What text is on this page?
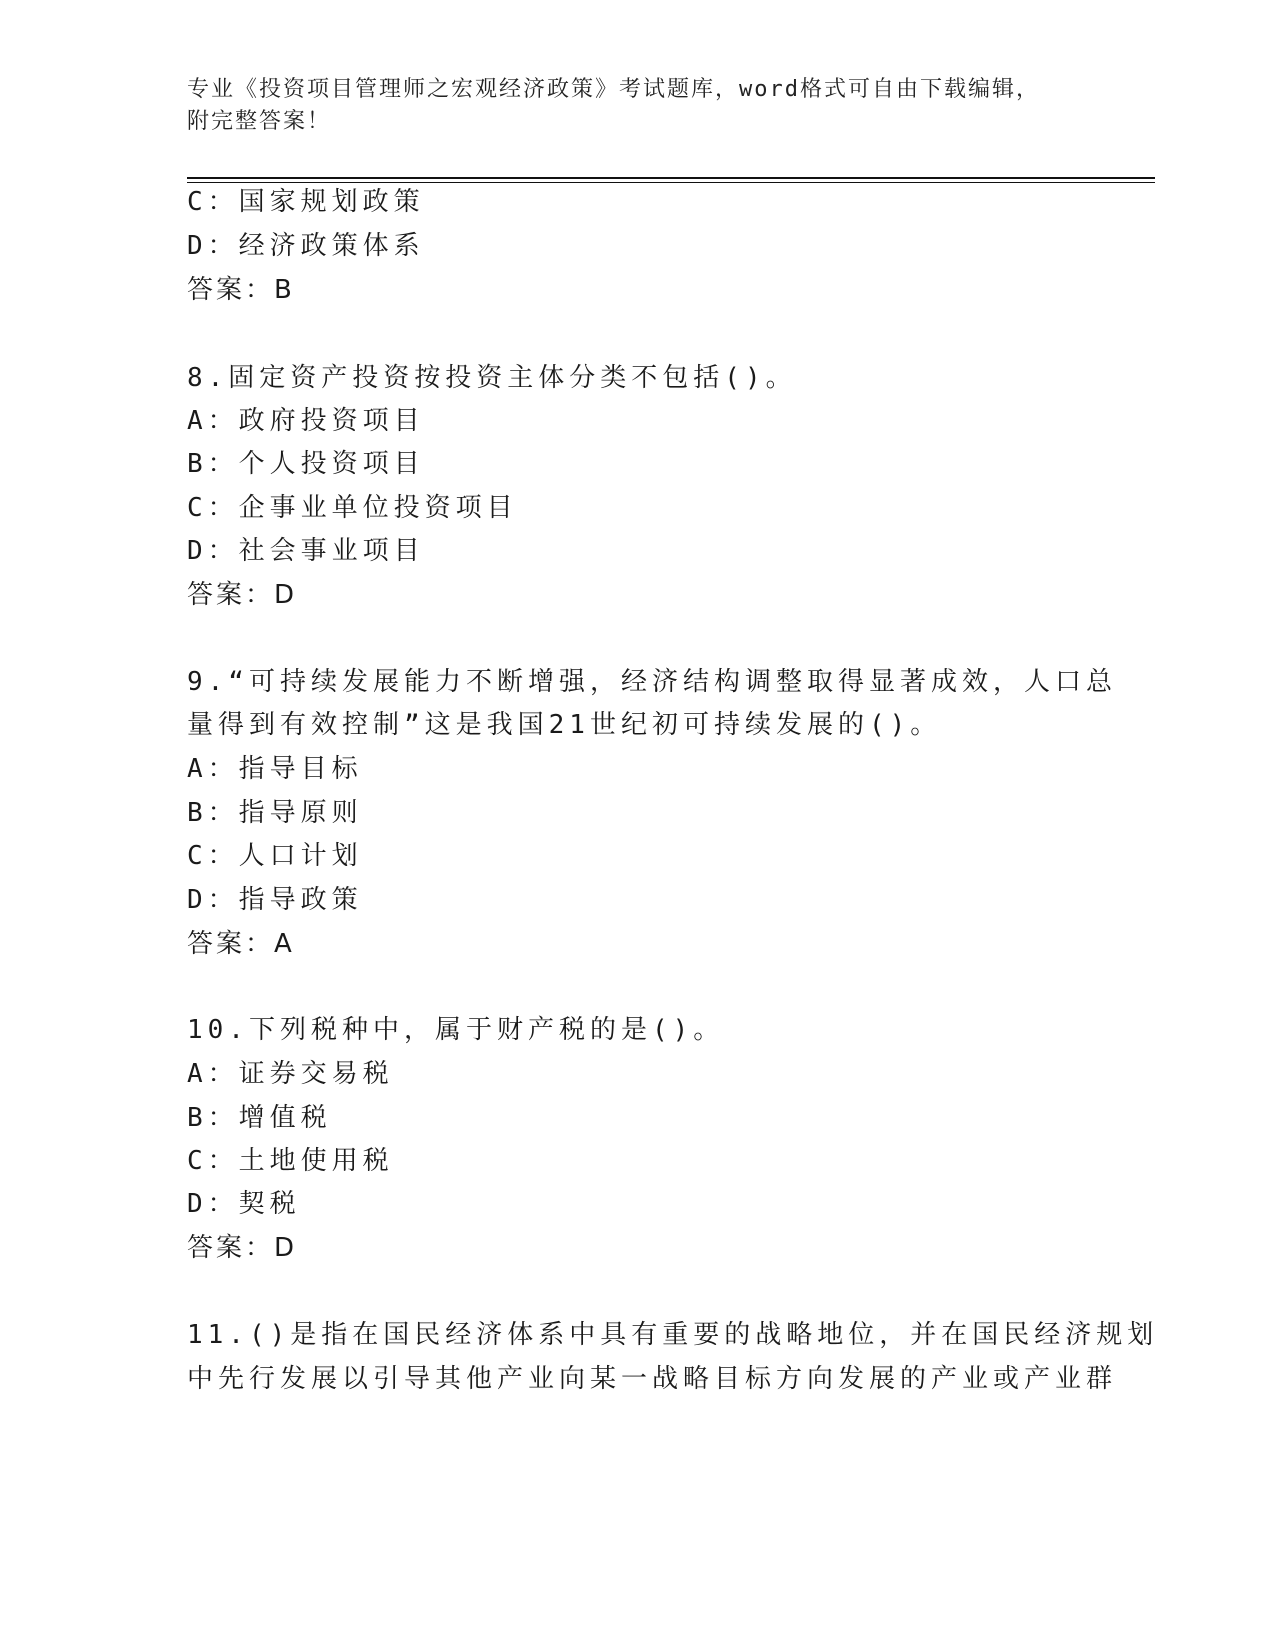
专业《投资项目管理师之宏观经济政策》考试题库，word格式可自由下载编辑，
附完整答案！
C：国家规划政策
D：经济政策体系
答案：B
8.固定资产投资按投资主体分类不包括()。
A：政府投资项目
B：个人投资项目
C：企事业单位投资项目
D：社会事业项目
答案：D
9.“可持续发展能力不断增强，经济结构调整取得显著成效，人口总
量得到有效控制”这是我国21世纪初可持续发展的()。
A：指导目标
B：指导原则
C：人口计划
D：指导政策
答案：A
10.下列税种中，属于财产税的是()。
A：证券交易税
B：增值税
C：土地使用税
D：契税
答案：D
11.()是指在国民经济体系中具有重要的战略地位，并在国民经济规划
中先行发展以引导其他产业向某一战略目标方向发展的产业或产业群
